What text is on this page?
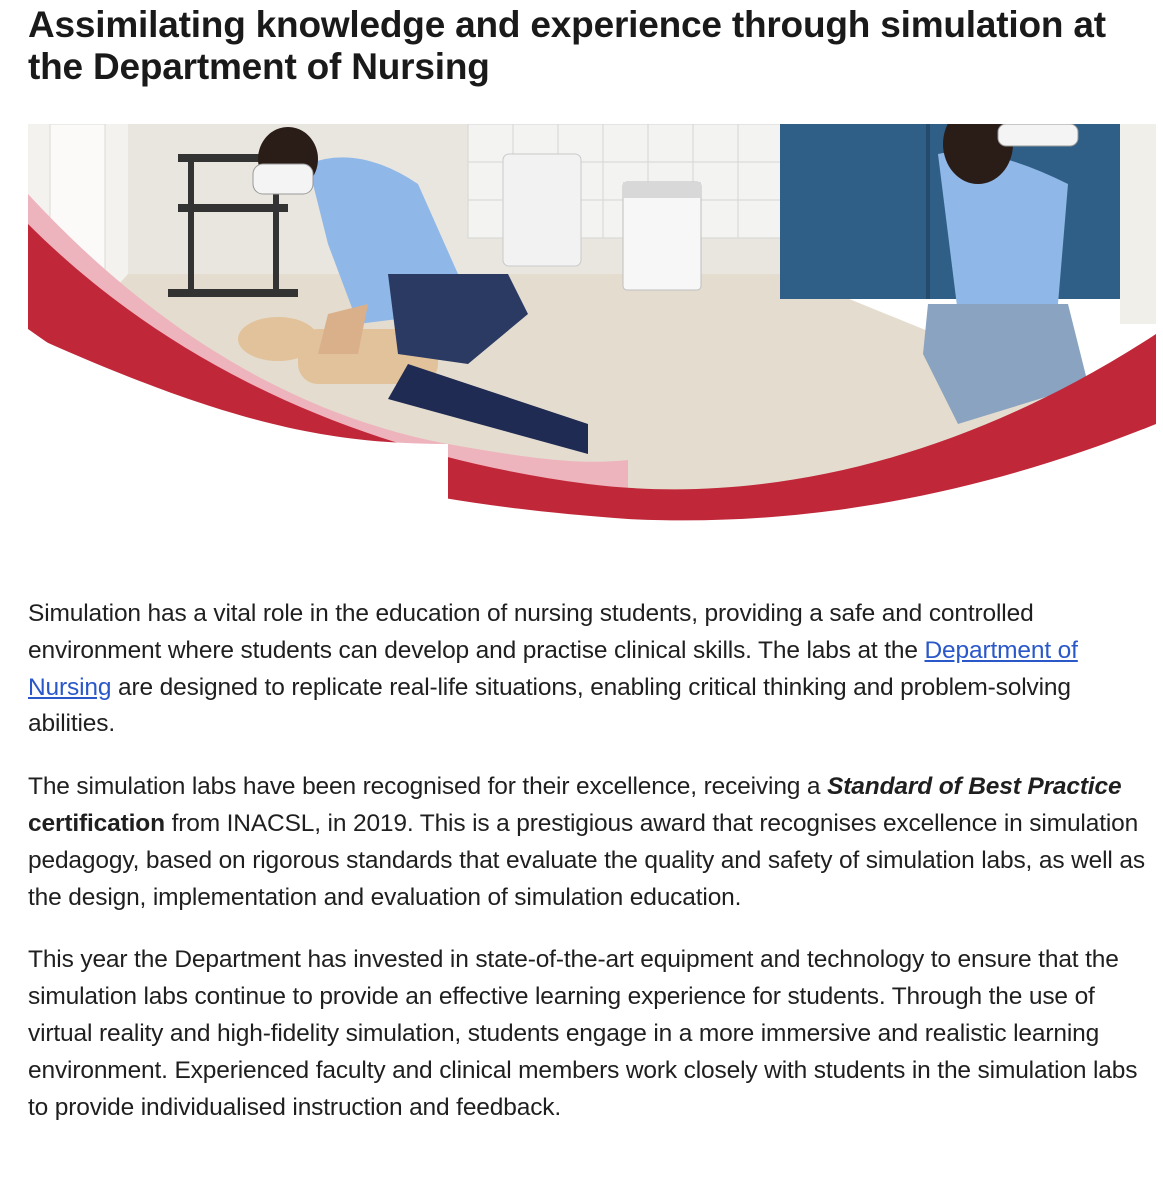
Assimilating knowledge and experience through simulation at the Department of Nursing

Simulation has a vital role in the education of nursing students, providing a safe and controlled environment where students can develop and practise clinical skills. The labs at the Department of Nursing are designed to replicate real-life situations, enabling critical thinking and problem-solving abilities.

The simulation labs have been recognised for their excellence, receiving a Standard of Best Practice certification from INACSL, in 2019. This is a prestigious award that recognises excellence in simulation pedagogy, based on rigorous standards that evaluate the quality and safety of simulation labs, as well as the design, implementation and evaluation of simulation education.

This year the Department has invested in state-of-the-art equipment and technology to ensure that the simulation labs continue to provide an effective learning experience for students. Through the use of virtual reality and high-fidelity simulation, students engage in a more immersive and realistic learning environment. Experienced faculty and clinical members work closely with students in the simulation labs to provide individualised instruction and feedback.
